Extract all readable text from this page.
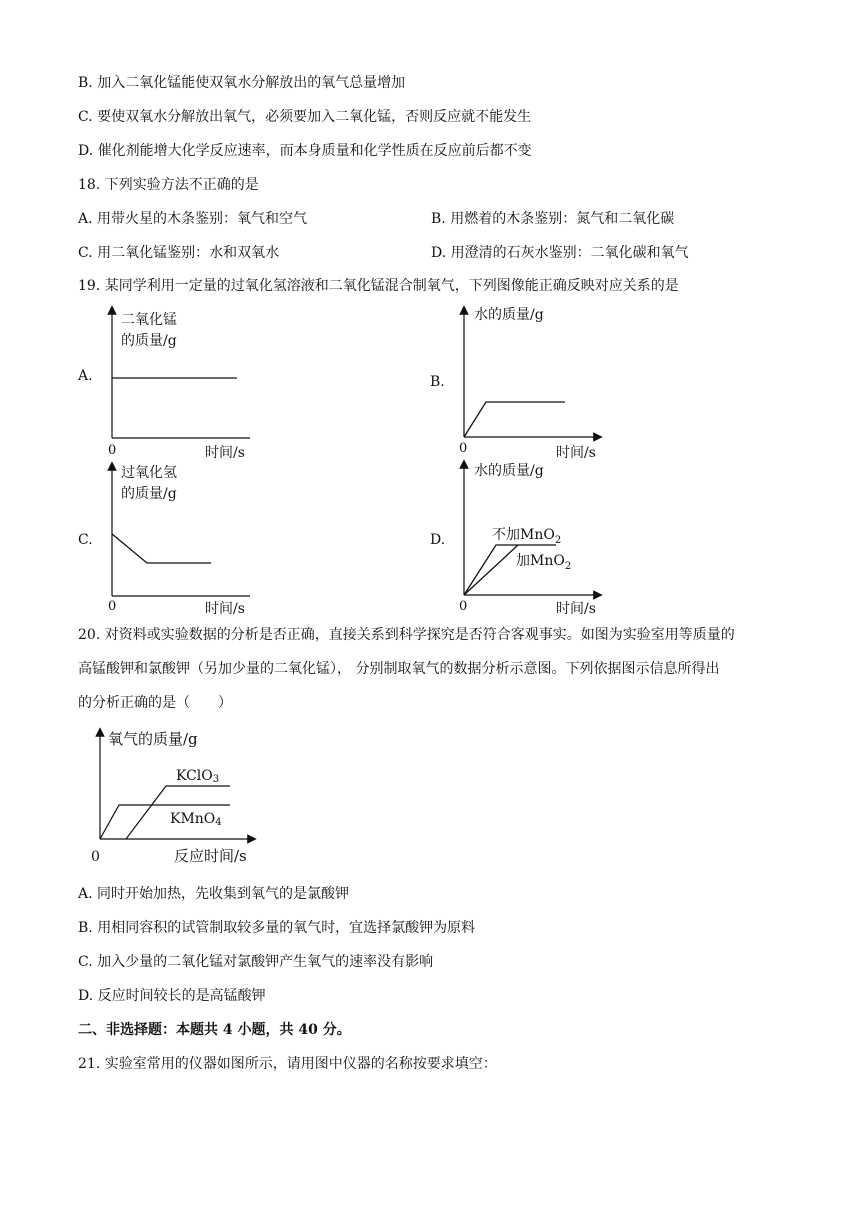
B. 加入二氧化锰能使双氧水分解放出的氧气总量增加
C. 要使双氧水分解放出氧气，必须要加入二氧化锰，否则反应就不能发生
D. 催化剂能增大化学反应速率，而本身质量和化学性质在反应前后都不变
18. 下列实验方法不正确的是
A. 用带火星的木条鉴别：氧气和空气	B. 用燃着的木条鉴别：氮气和二氧化碳
C. 用二氧化锰鉴别：水和双氧水	D. 用澄清的石灰水鉴别：二氧化碳和氧气
19. 某同学利用一定量的过氧化氢溶液和二氧化锰混合制氧气，下列图像能正确反映对应关系的是
A.
二氧化锰
的质量/g
0	时间/s
B.
水的质量/g
0	时间/s
C.
过氧化氢
的质量/g
0	时间/s
D.
水的质量/g
不加MnO$_2$
加MnO$_2$
0	时间/s
20. 对资料或实验数据的分析是否正确，直接关系到科学探究是否符合客观事实。如图为实验室用等质量的
高锰酸钾和氯酸钾（另加少量的二氧化锰）， 分别制取氧气的数据分析示意图。下列依据图示信息所得出
的分析正确的是（　　）
氧气的质量/g
KClO3
KMnO4
0	反应时间/s
A. 同时开始加热，先收集到氧气的是氯酸钾
B. 用相同容积的试管制取较多量的氧气时，宜选择氯酸钾为原料
C. 加入少量的二氧化锰对氯酸钾产生氧气的速率没有影响
D. 反应时间较长的是高锰酸钾
二、非选择题：本题共 4 小题，共 40 分。
21. 实验室常用的仪器如图所示，请用图中仪器的名称按要求填空：
